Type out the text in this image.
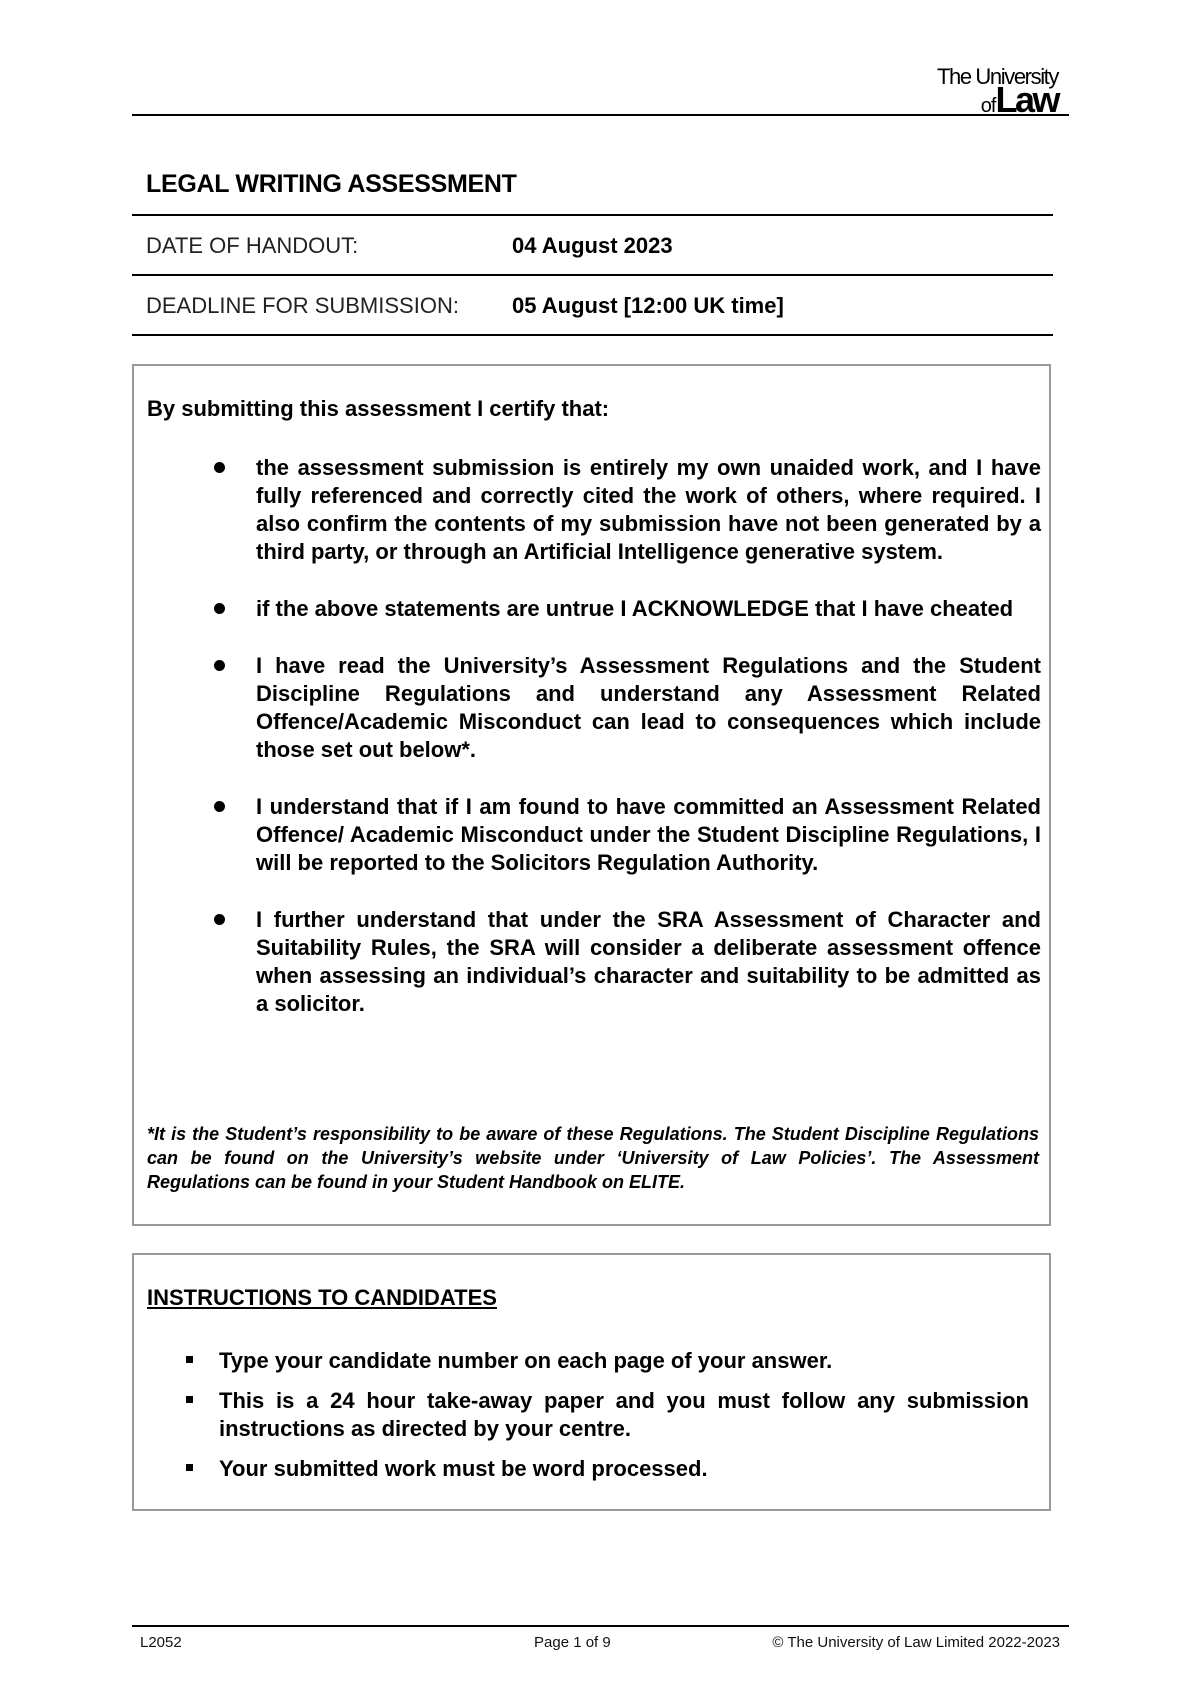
The University
ofLaw
LEGAL WRITING ASSESSMENT
DATE OF HANDOUT:	04 August 2023
DEADLINE FOR SUBMISSION: 05 August [12:00 UK time]
By submitting this assessment I certify that:
the assessment submission is entirely my own unaided work, and I have fully referenced and correctly cited the work of others, where required. I also confirm the contents of my submission have not been generated by a third party, or through an Artificial Intelligence generative system.
if the above statements are untrue I ACKNOWLEDGE that I have cheated
I have read the University’s Assessment Regulations and the Student Discipline Regulations and understand any Assessment Related Offence/Academic Misconduct can lead to consequences which include those set out below*.
I understand that if I am found to have committed an Assessment Related Offence/ Academic Misconduct under the Student Discipline Regulations, I will be reported to the Solicitors Regulation Authority.
I further understand that under the SRA Assessment of Character and Suitability Rules, the SRA will consider a deliberate assessment offence when assessing an individual’s character and suitability to be admitted as a solicitor.
*It is the Student’s responsibility to be aware of these Regulations. The Student Discipline Regulations can be found on the University’s website under ‘University of Law Policies’. The Assessment Regulations can be found in your Student Handbook on ELITE.
INSTRUCTIONS TO CANDIDATES
Type your candidate number on each page of your answer.
This is a 24 hour take-away paper and you must follow any submission instructions as directed by your centre.
Your submitted work must be word processed.
L2052	Page 1 of 9	© The University of Law Limited 2022-2023
